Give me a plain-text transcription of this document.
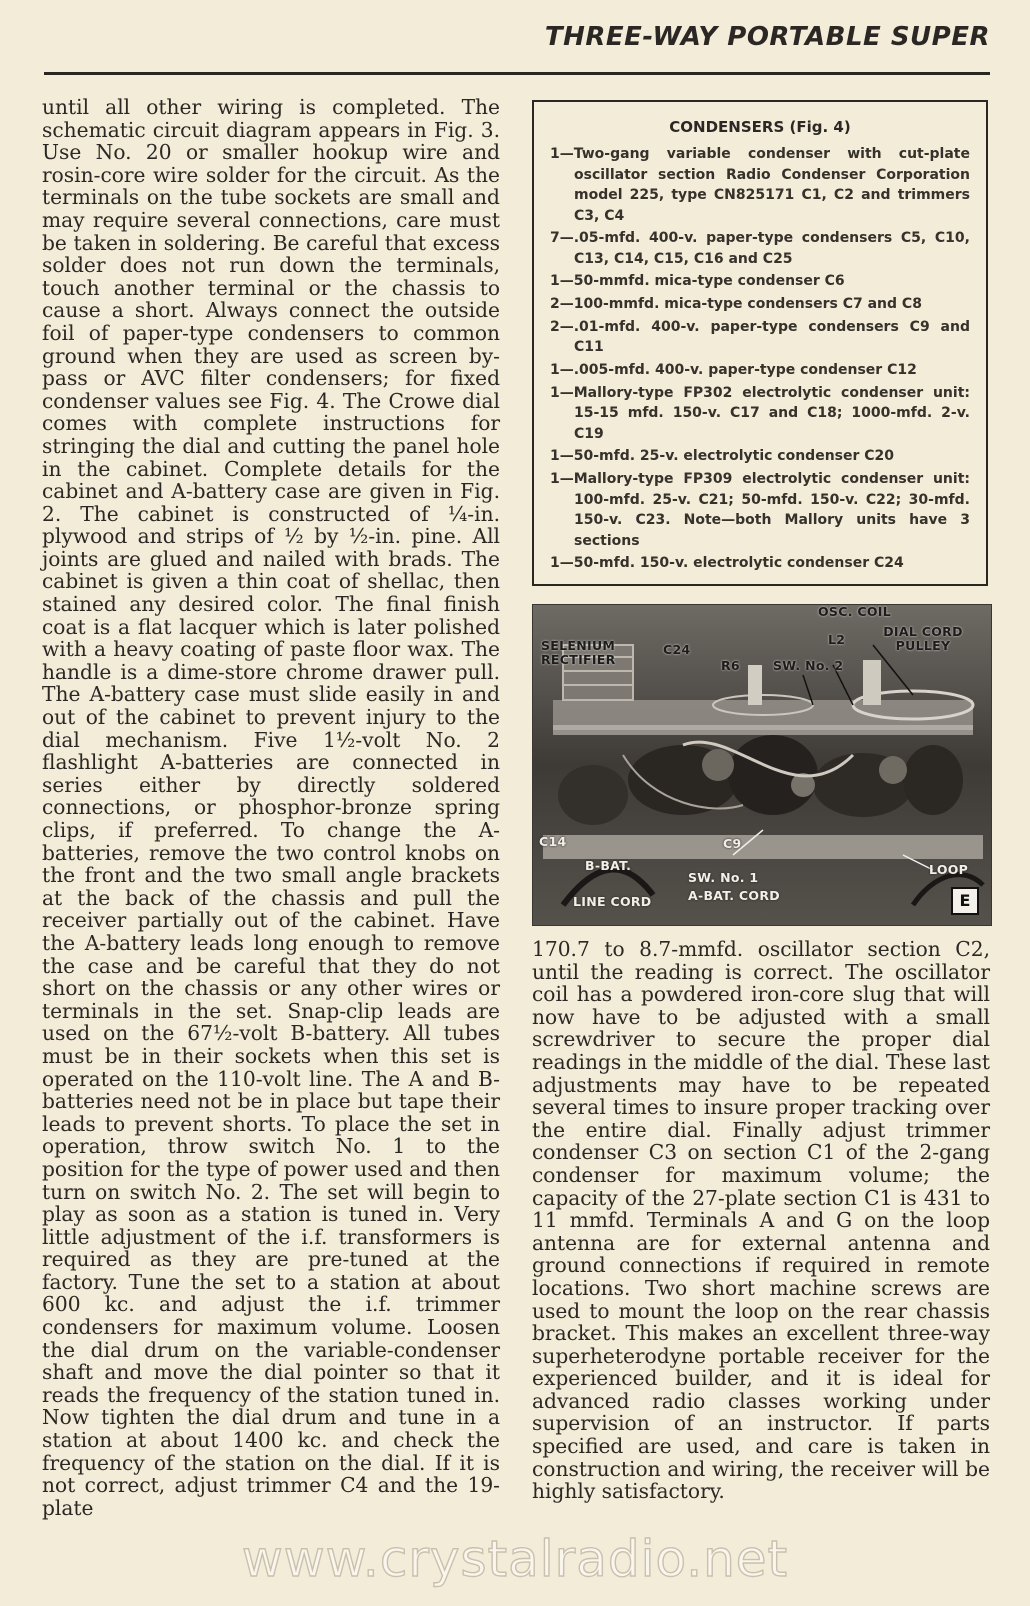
THREE-WAY PORTABLE SUPER

until all other wiring is completed. The schematic circuit diagram appears in Fig. 3. Use No. 20 or smaller hookup wire and rosin-core wire solder for the circuit. As the terminals on the tube sockets are small and may require several connections, care must be taken in soldering. Be careful that excess solder does not run down the terminals, touch another terminal or the chassis to cause a short. Always connect the outside foil of paper-type condensers to common ground when they are used as screen by-pass or AVC filter condensers; for fixed condenser values see Fig. 4. The Crowe dial comes with complete instructions for stringing the dial and cutting the panel hole in the cabinet. Complete details for the cabinet and A-battery case are given in Fig. 2. The cabinet is constructed of ¼-in. plywood and strips of ½ by ½-in. pine. All joints are glued and nailed with brads. The cabinet is given a thin coat of shellac, then stained any desired color. The final finish coat is a flat lacquer which is later polished with a heavy coating of paste floor wax. The handle is a dime-store chrome drawer pull. The A-battery case must slide easily in and out of the cabinet to prevent injury to the dial mechanism. Five 1½-volt No. 2 flashlight A-batteries are connected in series either by directly soldered connections, or phosphor-bronze spring clips, if preferred. To change the A-batteries, remove the two control knobs on the front and the two small angle brackets at the back of the chassis and pull the receiver partially out of the cabinet. Have the A-battery leads long enough to remove the case and be careful that they do not short on the chassis or any other wires or terminals in the set. Snap-clip leads are used on the 67½-volt B-battery. All tubes must be in their sockets when this set is operated on the 110-volt line. The A and B-batteries need not be in place but tape their leads to prevent shorts. To place the set in operation, throw switch No. 1 to the position for the type of power used and then turn on switch No. 2. The set will begin to play as soon as a station is tuned in. Very little adjustment of the i.f. transformers is required as they are pre-tuned at the factory. Tune the set to a station at about 600 kc. and adjust the i.f. trimmer condensers for maximum volume. Loosen the dial drum on the variable-condenser shaft and move the dial pointer so that it reads the frequency of the station tuned in. Now tighten the dial drum and tune in a station at about 1400 kc. and check the frequency of the station on the dial. If it is not correct, adjust trimmer C4 and the 19-plate

CONDENSERS (Fig. 4)
1—Two-gang variable condenser with cut-plate oscillator section Radio Condenser Corporation model 225, type CN825171 C1, C2 and trimmers C3, C4
7—.05-mfd. 400-v. paper-type condensers C5, C10, C13, C14, C15, C16 and C25
1—50-mmfd. mica-type condenser C6
2—100-mmfd. mica-type condensers C7 and C8
2—.01-mfd. 400-v. paper-type condensers C9 and C11
1—.005-mfd. 400-v. paper-type condenser C12
1—Mallory-type FP302 electrolytic condenser unit: 15-15 mfd. 150-v. C17 and C18; 1000-mfd. 2-v. C19
1—50-mfd. 25-v. electrolytic condenser C20
1—Mallory-type FP309 electrolytic condenser unit: 100-mfd. 25-v. C21; 50-mfd. 150-v. C22; 30-mfd. 150-v. C23. Note—both Mallory units have 3 sections
1—50-mfd. 150-v. electrolytic condenser C24
OSC. COIL
L2
DIAL CORD PULLEY
SELENIUM RECTIFIER
C24
R6	SW. No. 2
C14	C9
B-BAT.
SW. No. 1
A-BAT. CORD
LINE CORD
LOOP
E

170.7 to 8.7-mmfd. oscillator section C2, until the reading is correct. The oscillator coil has a powdered iron-core slug that will now have to be adjusted with a small screwdriver to secure the proper dial readings in the middle of the dial. These last adjustments may have to be repeated several times to insure proper tracking over the entire dial. Finally adjust trimmer condenser C3 on section C1 of the 2-gang condenser for maximum volume; the capacity of the 27-plate section C1 is 431 to 11 mmfd. Terminals A and G on the loop antenna are for external antenna and ground connections if required in remote locations. Two short machine screws are used to mount the loop on the rear chassis bracket. This makes an excellent three-way superheterodyne portable receiver for the experienced builder, and it is ideal for advanced radio classes working under supervision of an instructor. If parts specified are used, and care is taken in construction and wiring, the receiver will be highly satisfactory.

www.crystalradio.net
